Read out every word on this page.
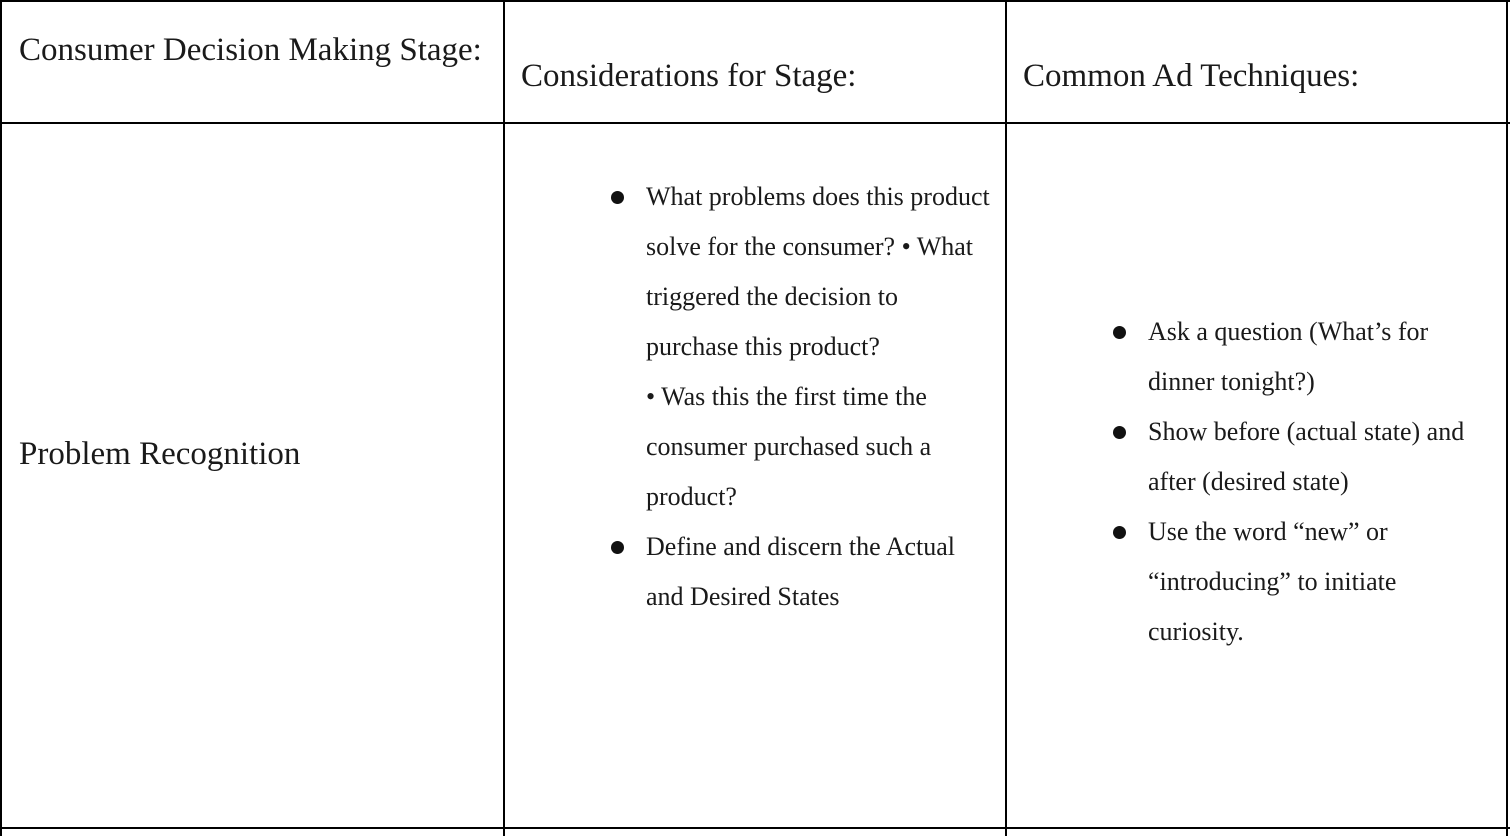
Consumer Decision Making Stage:

Considerations for Stage:	Common Ad Techniques:

Problem Recognition

What problems does this product solve for the consumer? • What triggered the decision to purchase this product?
• Was this the first time the consumer purchased such a product?
Define and discern the Actual and Desired States
Ask a question (What’s for dinner tonight?)
Show before (actual state) and after (desired state)
Use the word “new” or “introducing” to initiate curiosity.
